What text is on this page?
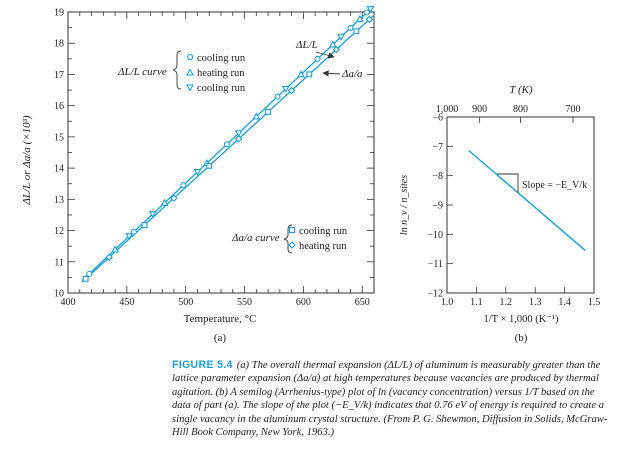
400	450	500	550	600	650
10
11
12
13
14
15
16
17
18
19
Temperature, °C
(a)
ΔL/L or Δa/a (×10³)
ΔL/L curve
cooling run
heating run
cooling run
Δa/a curve
cooling run
heating run
ΔL/L
Δa/a
1.0 1.1 1.2 1.3 1.4 1.5
−6
−7
−8
−9
−10
−11
−12
1,000 900	800	700
T (K)
1/T × 1,000 (K⁻¹)
(b)
ln n_v / n_sites	Slope = −E_V/k
FIGURE 5.4 (a) The overall thermal expansion (ΔL/L) of aluminum is measurably greater than the lattice parameter expansion (Δa/a) at high temperatures because vacancies are produced by thermal agitation. (b) A semilog (Arrhenius-type) plot of ln (vacancy concentration) versus 1/T based on the data of part (a). The slope of the plot (−E_V/k) indicates that 0.76 eV of energy is required to create a single vacancy in the aluminum crystal structure. (From P. G. Shewmon, Diffusion in Solids, McGraw-Hill Book Company, New York, 1963.)
